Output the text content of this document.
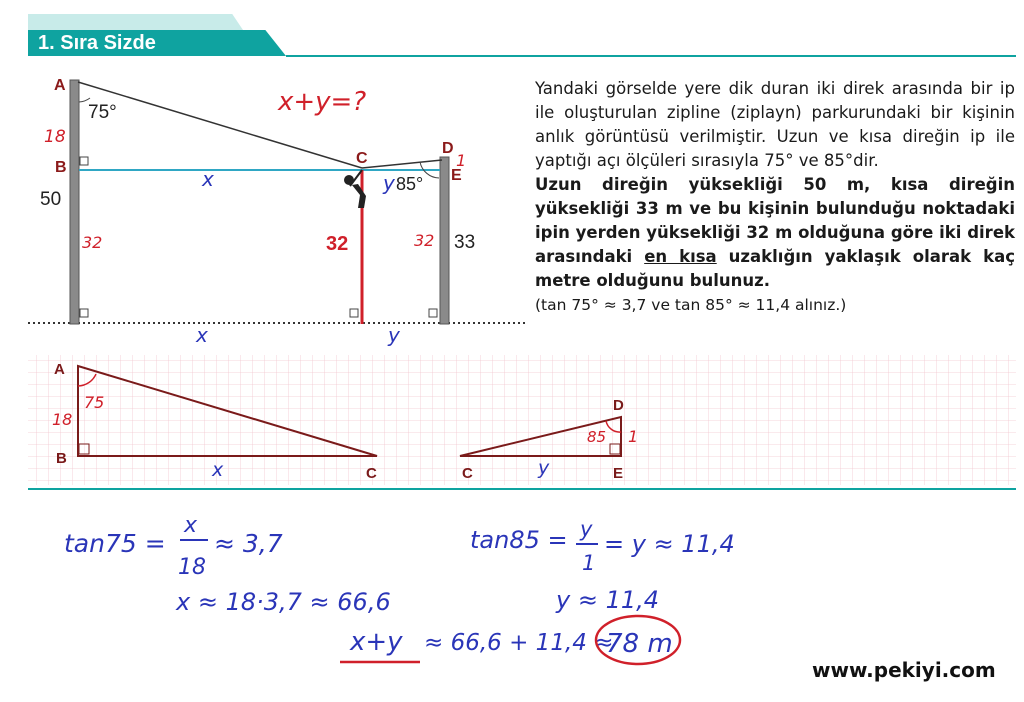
1. Sıra Sizde
A
75°
B
50
C
D
E
85°
33
32
x+y=?
18
1
32	32
x	y
x	y
A
B
C
18
75
x
D
C	E
85 1
y
tan75 =
x
18
≈ 3,7
x ≈ 18·3,7 ≈ 66,6
tan85 = y
1
= y ≈ 11,4
y ≈ 11,4
x+y ≈ 66,6 + 11,4 ≈
78 m

Yandaki görselde yere dik duran iki direk arasında bir ip ile oluşturulan zipline (ziplayn) parkurundaki bir kişinin anlık görüntüsü verilmiştir. Uzun ve kısa direğin ip ile yaptığı açı ölçüleri sırasıyla 75° ve 85°dir.

Uzun direğin yüksekliği 50 m, kısa direğin yüksekliği 33 m ve bu kişinin bulunduğu noktadaki ipin yerden yüksekliği 32 m olduğuna göre iki direk arasındaki en kısa uzaklığın yaklaşık olarak kaç metre olduğunu bulunuz.

(tan 75° ≈ 3,7 ve tan 85° ≈ 11,4 alınız.)

www.pekiyi.com
